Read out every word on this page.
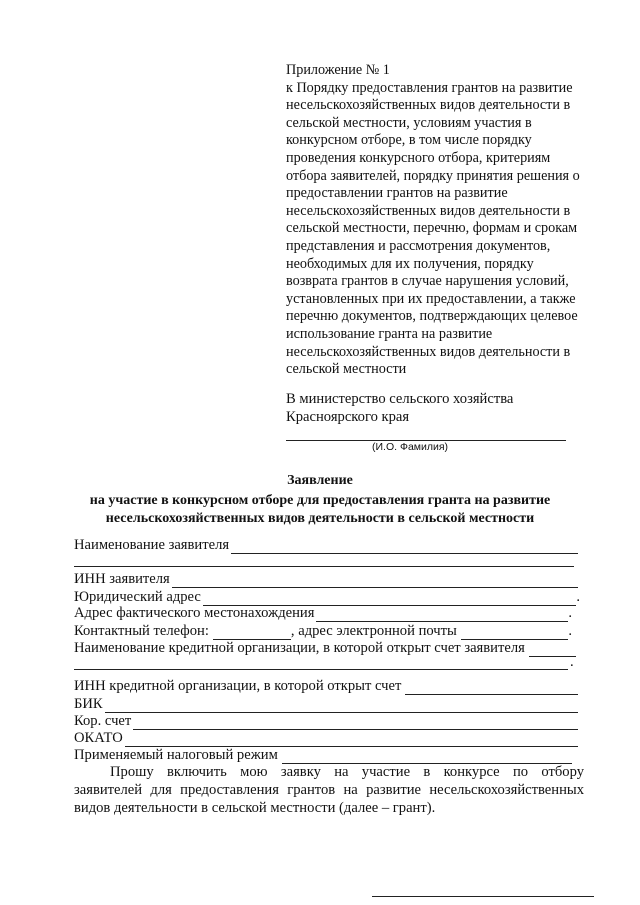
Приложение № 1
к Порядку предоставления грантов на развитие
несельскохозяйственных видов деятельности в
сельской местности, условиям участия в
конкурсном отборе, в том числе порядку
проведения конкурсного отбора, критериям
отбора заявителей, порядку принятия решения о
предоставлении грантов на развитие
несельскохозяйственных видов деятельности в
сельской местности, перечню, формам и срокам
представления и рассмотрения документов,
необходимых для их получения, порядку
возврата грантов в случае нарушения условий,
установленных при их предоставлении, а также
перечню документов, подтверждающих целевое
использование гранта на развитие
несельскохозяйственных видов деятельности в
сельской местности
В министерство сельского хозяйства
Красноярского края
(И.О. Фамилия)
Заявление
на участие в конкурсном отборе для предоставления гранта на развитие
несельскохозяйственных видов деятельности в сельской местности
Наименование заявителя
ИНН заявителя
Юридический адрес	.
Адрес фактического местонахождения	.
Контактный телефон:	, адрес электронной почты	.
Наименование кредитной организации, в которой открыт счет заявителя
.
ИНН кредитной организации, в которой открыт счет
БИК
Кор. счет
ОКАТО
Применяемый налоговый режим
Прошу включить мою заявку на участие в конкурсе по отбору
заявителей для предоставления грантов на развитие несельскохозяйственных
видов деятельности в сельской местности (далее – грант).
